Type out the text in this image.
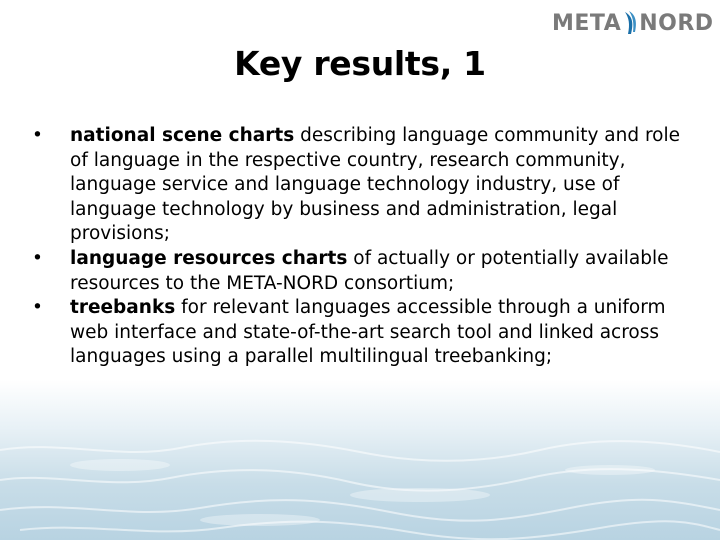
META NORD
Key results, 1
•	national scene charts describing language community and role of language in the respective country, research community, language service and language technology industry, use of language technology by business and administration, legal provisions;
•	language resources charts of actually or potentially available resources to the META-NORD consortium;
•	treebanks for relevant languages accessible through a uniform web interface and state-of-the-art search tool and linked across languages using a parallel multilingual treebanking;
